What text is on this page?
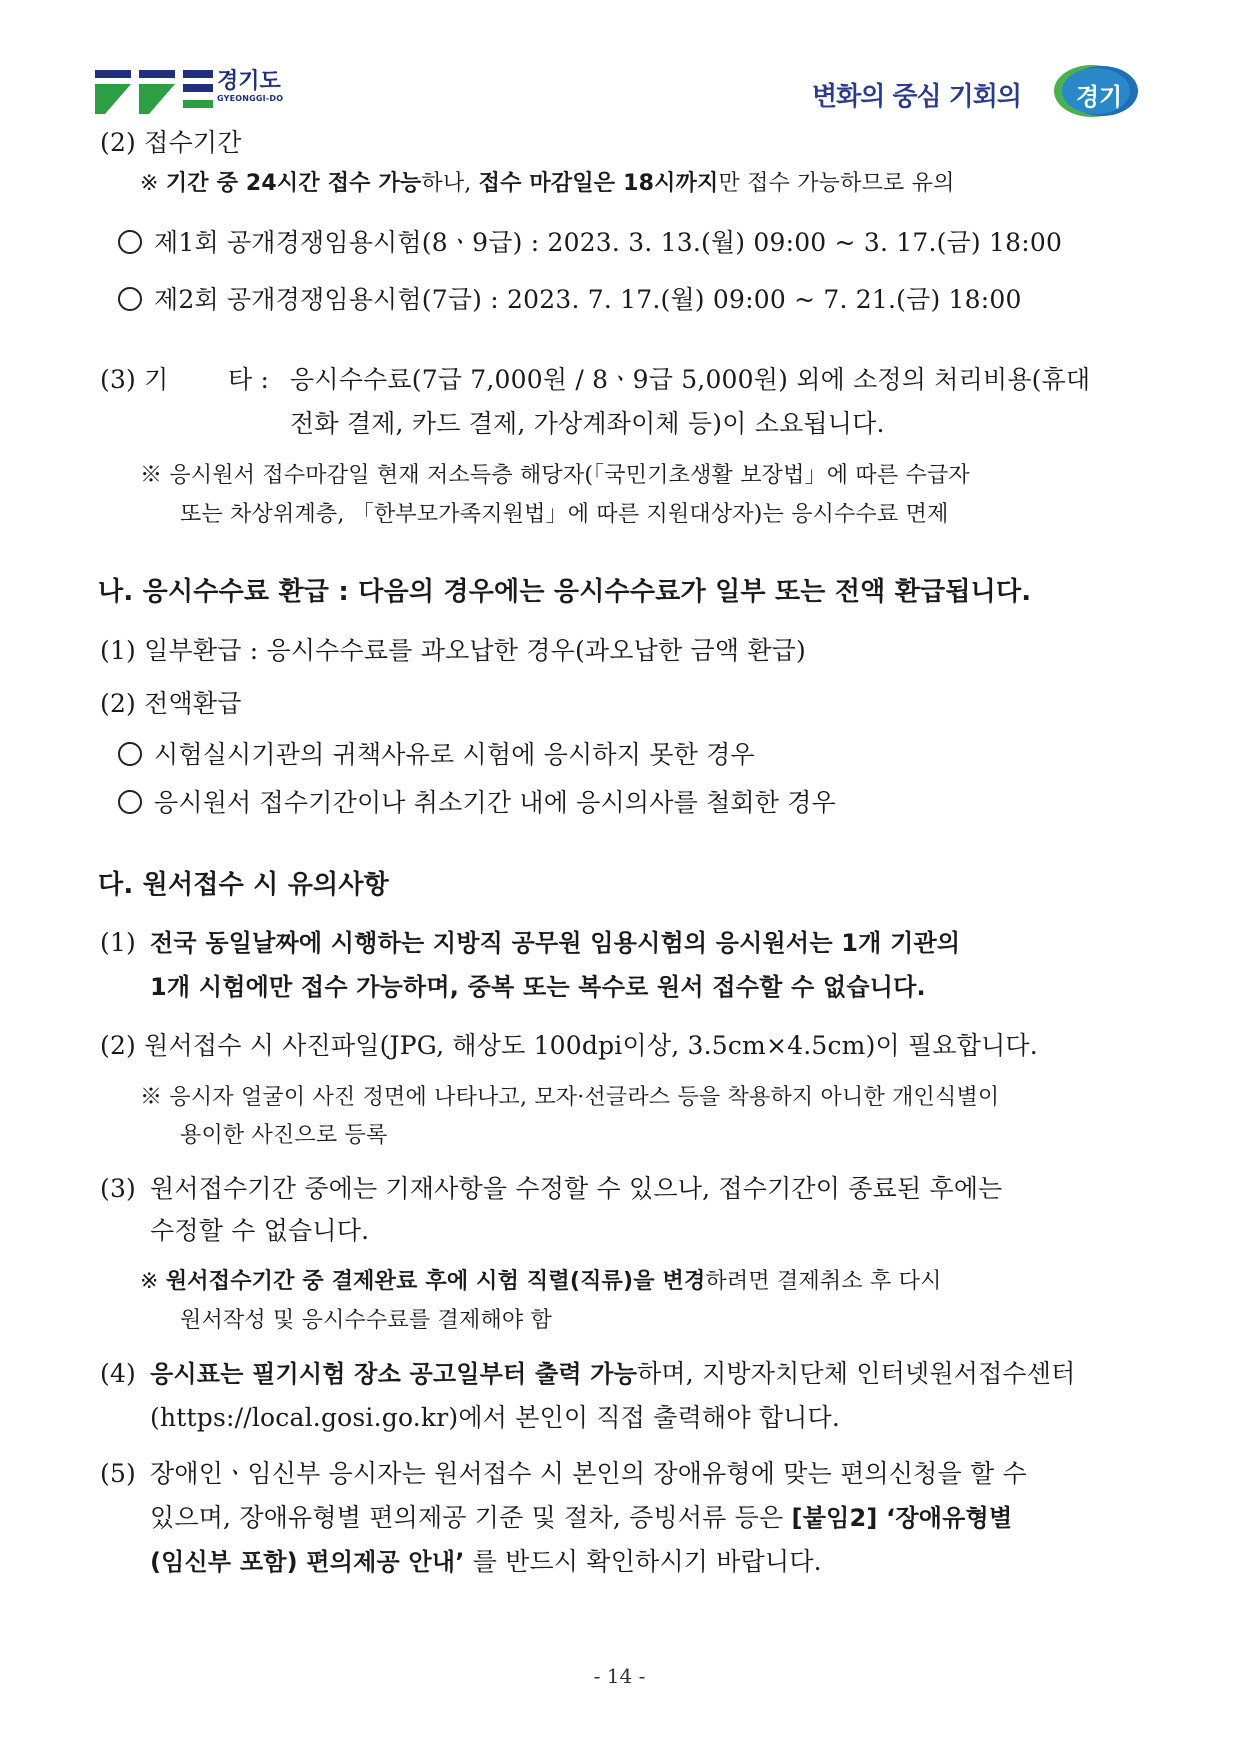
경기도
GYEONGGI-DO	변화의 중심 기회의	경기
(2) 접수기간
※ 기간 중 24시간 접수 가능하나, 접수 마감일은 18시까지만 접수 가능하므로 유의
제1회 공개경쟁임용시험(8ㆍ9급) : 2023. 3. 13.(월) 09:00 ~ 3. 17.(금) 18:00
제2회 공개경쟁임용시험(7급) : 2023. 7. 17.(월) 09:00 ~ 7. 21.(금) 18:00
(3) 기 타 : 응시수수료(7급 7,000원 / 8ㆍ9급 5,000원) 외에 소정의 처리비용(휴대
전화 결제, 카드 결제, 가상계좌이체 등)이 소요됩니다.
※ 응시원서 접수마감일 현재 저소득층 해당자(「국민기초생활 보장법」에 따른 수급자
또는 차상위계층, 「한부모가족지원법」에 따른 지원대상자)는 응시수수료 면제
나. 응시수수료 환급 : 다음의 경우에는 응시수수료가 일부 또는 전액 환급됩니다.
(1) 일부환급 : 응시수수료를 과오납한 경우(과오납한 금액 환급)
(2) 전액환급
시험실시기관의 귀책사유로 시험에 응시하지 못한 경우
응시원서 접수기간이나 취소기간 내에 응시의사를 철회한 경우
다. 원서접수 시 유의사항
(1) 전국 동일날짜에 시행하는 지방직 공무원 임용시험의 응시원서는 1개 기관의
1개 시험에만 접수 가능하며, 중복 또는 복수로 원서 접수할 수 없습니다.
(2) 원서접수 시 사진파일(JPG, 해상도 100dpi이상, 3.5cm×4.5cm)이 필요합니다.
※ 응시자 얼굴이 사진 정면에 나타나고, 모자·선글라스 등을 착용하지 아니한 개인식별이
용이한 사진으로 등록
(3) 원서접수기간 중에는 기재사항을 수정할 수 있으나, 접수기간이 종료된 후에는
수정할 수 없습니다.
※ 원서접수기간 중 결제완료 후에 시험 직렬(직류)을 변경하려면 결제취소 후 다시
원서작성 및 응시수수료를 결제해야 함
(4) 응시표는 필기시험 장소 공고일부터 출력 가능하며, 지방자치단체 인터넷원서접수센터
(https://local.gosi.go.kr)에서 본인이 직접 출력해야 합니다.
(5) 장애인ㆍ임신부 응시자는 원서접수 시 본인의 장애유형에 맞는 편의신청을 할 수
있으며, 장애유형별 편의제공 기준 및 절차, 증빙서류 등은 [붙임2] ‘장애유형별
(임신부 포함) 편의제공 안내’ 를 반드시 확인하시기 바랍니다.
- 14 -
